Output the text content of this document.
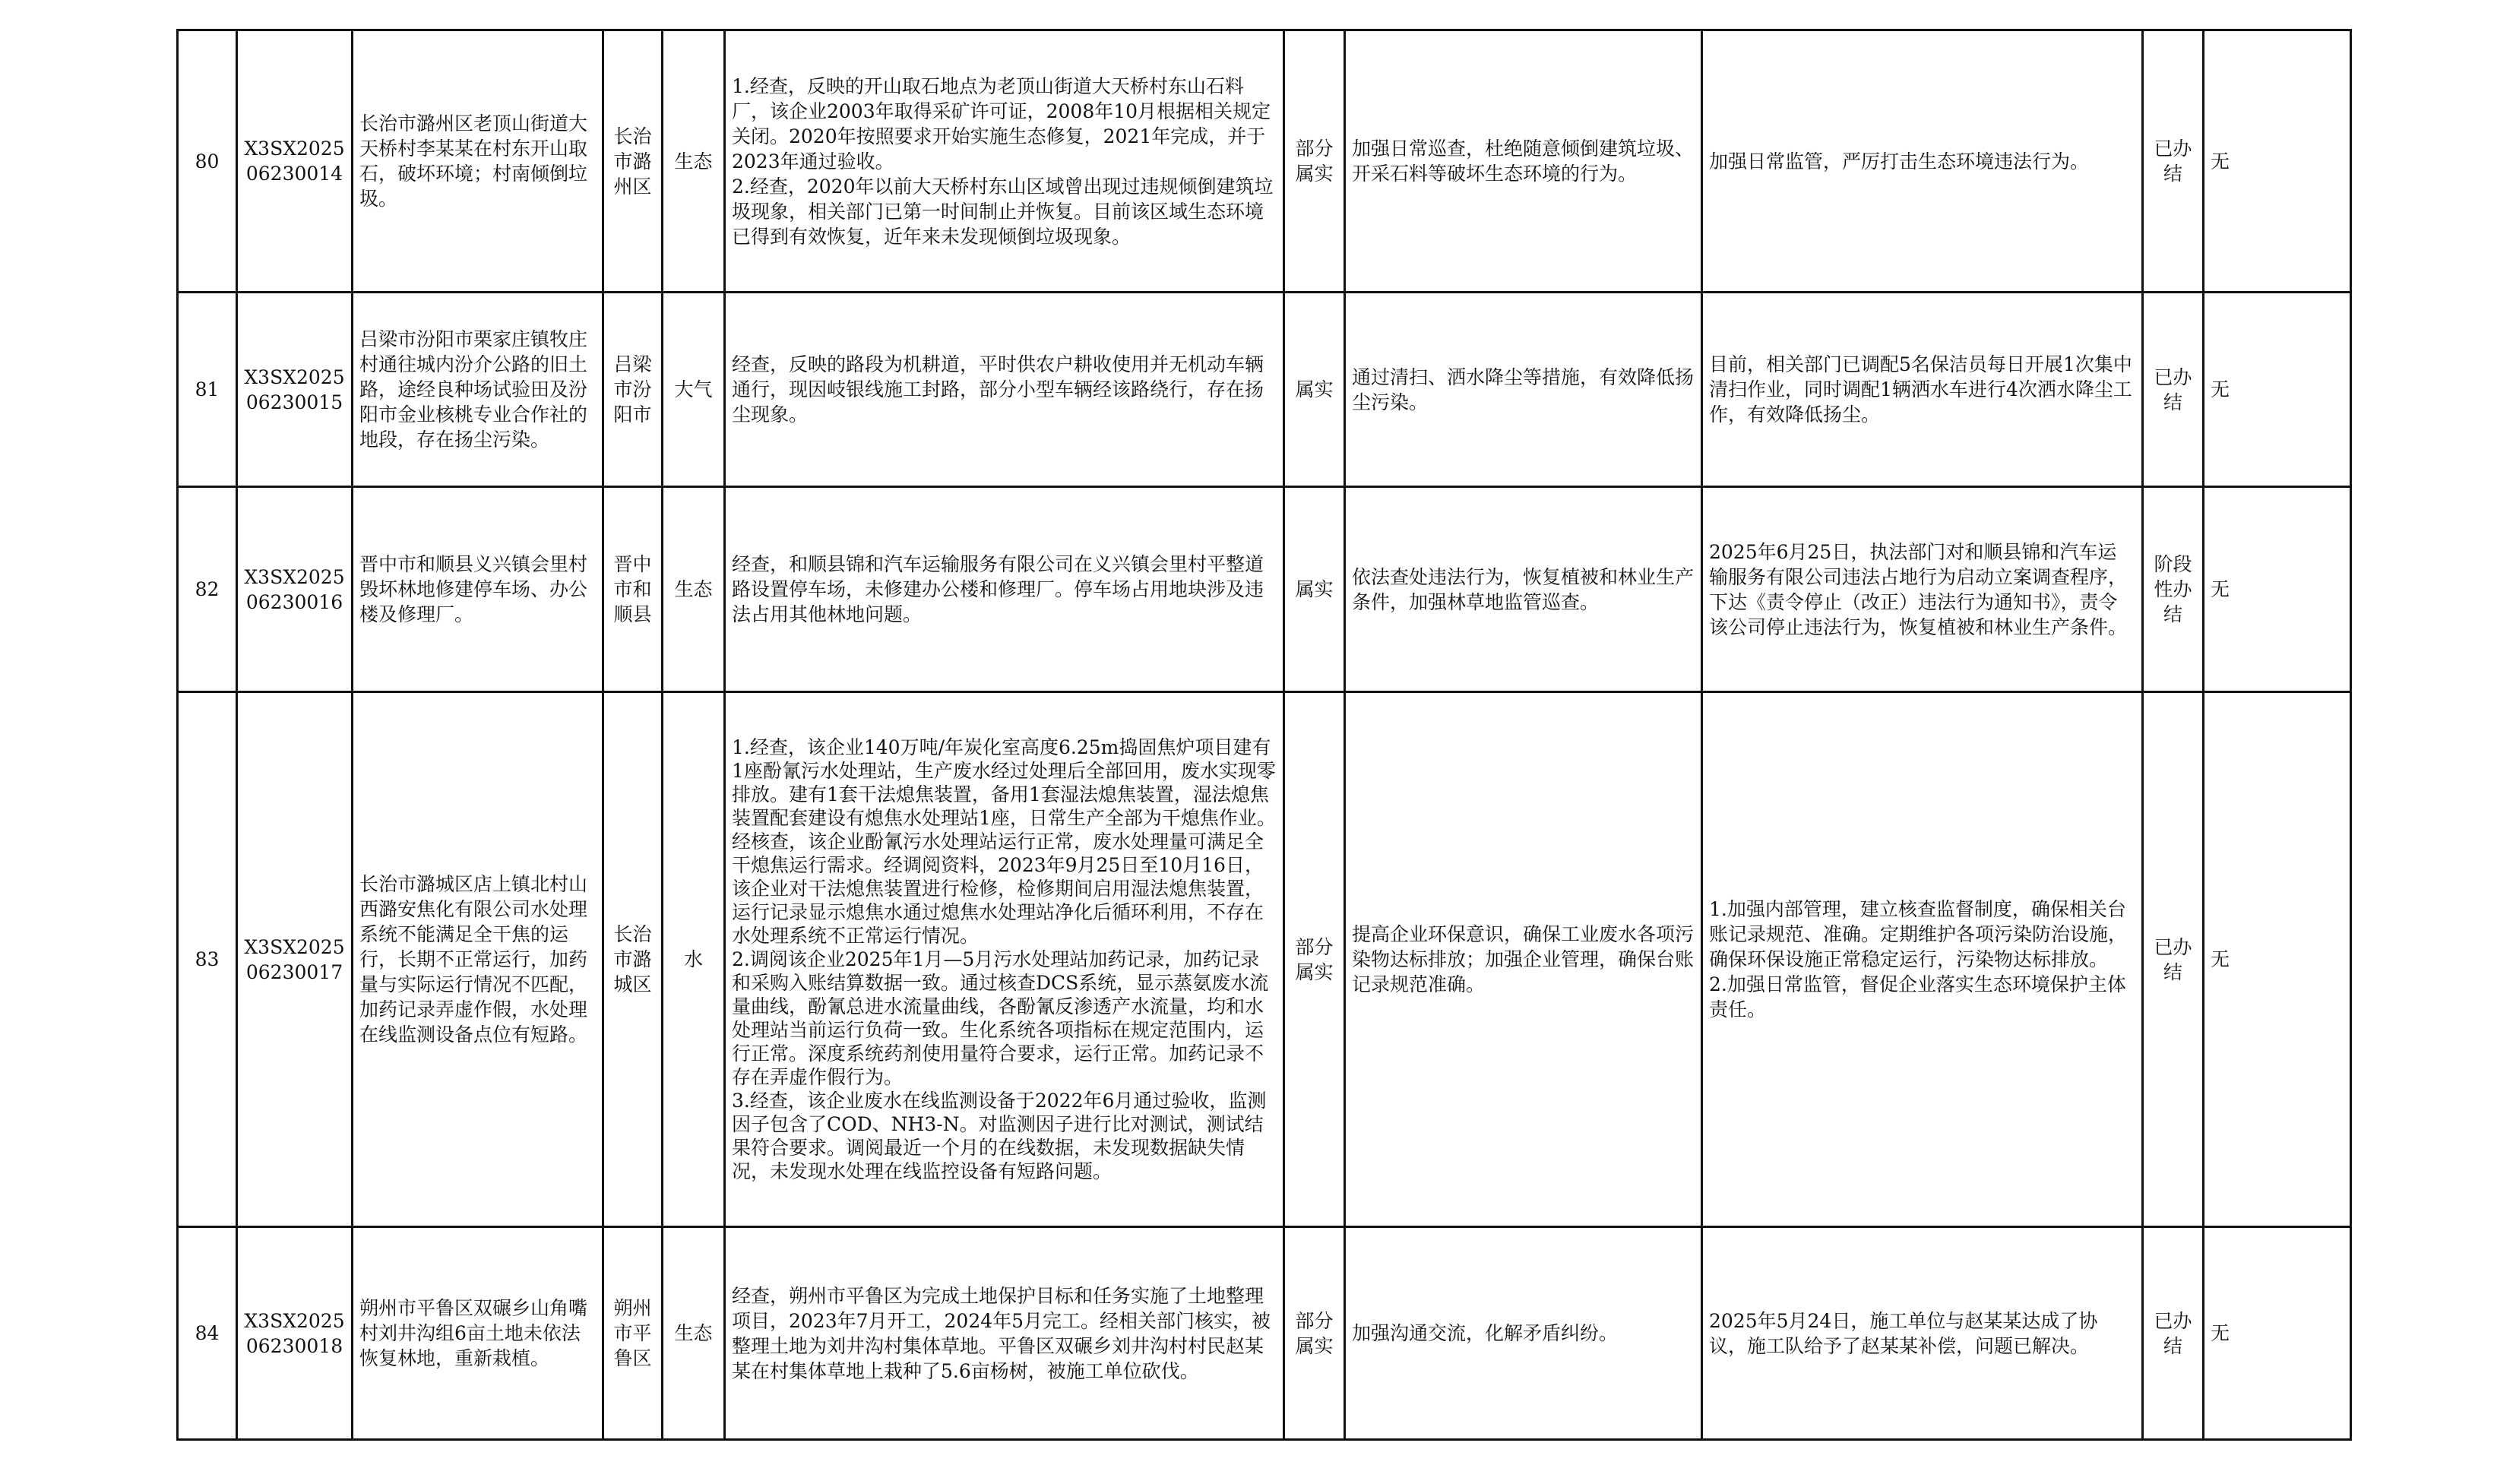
80	X3SX202506230014	长治市潞州区老顶山街道大天桥村李某某在村东开山取石，破坏环境；村南倾倒垃圾。	长治市潞州区	生态	1.经查，反映的开山取石地点为老顶山街道大天桥村东山石料厂，该企业2003年取得采矿许可证，2008年10月根据相关规定关闭。2020年按照要求开始实施生态修复，2021年完成，并于2023年通过验收。
2.经查，2020年以前大天桥村东山区域曾出现过违规倾倒建筑垃圾现象，相关部门已第一时间制止并恢复。目前该区域生态环境已得到有效恢复，近年来未发现倾倒垃圾现象。	部分属实	加强日常巡查，杜绝随意倾倒建筑垃圾、开采石料等破坏生态环境的行为。	加强日常监管，严厉打击生态环境违法行为。	已办结	无
81	X3SX202506230015	吕梁市汾阳市栗家庄镇牧庄村通往城内汾介公路的旧土路，途经良种场试验田及汾阳市金业核桃专业合作社的地段，存在扬尘污染。	吕梁市汾阳市	大气	经查，反映的路段为机耕道，平时供农户耕收使用并无机动车辆通行，现因岐银线施工封路，部分小型车辆经该路绕行，存在扬尘现象。	属实	通过清扫、洒水降尘等措施，有效降低扬尘污染。	目前，相关部门已调配5名保洁员每日开展1次集中清扫作业，同时调配1辆洒水车进行4次洒水降尘工作，有效降低扬尘。	已办结	无
82	X3SX202506230016	晋中市和顺县义兴镇会里村毁坏林地修建停车场、办公楼及修理厂。	晋中市和顺县	生态	经查，和顺县锦和汽车运输服务有限公司在义兴镇会里村平整道路设置停车场，未修建办公楼和修理厂。停车场占用地块涉及违法占用其他林地问题。	属实	依法查处违法行为，恢复植被和林业生产条件，加强林草地监管巡查。	2025年6月25日，执法部门对和顺县锦和汽车运输服务有限公司违法占地行为启动立案调查程序，下达《责令停止（改正）违法行为通知书》，责令该公司停止违法行为，恢复植被和林业生产条件。	阶段性办结	无
83	X3SX202506230017	长治市潞城区店上镇北村山西潞安焦化有限公司水处理系统不能满足全干焦的运行，长期不正常运行，加药量与实际运行情况不匹配，加药记录弄虚作假，水处理在线监测设备点位有短路。	长治市潞城区	水	1.经查，该企业140万吨/年炭化室高度6.25m捣固焦炉项目建有1座酚氰污水处理站，生产废水经过处理后全部回用，废水实现零排放。建有1套干法熄焦装置，备用1套湿法熄焦装置，湿法熄焦装置配套建设有熄焦水处理站1座，日常生产全部为干熄焦作业。经核查，该企业酚氰污水处理站运行正常，废水处理量可满足全干熄焦运行需求。经调阅资料，2023年9月25日至10月16日，该企业对干法熄焦装置进行检修，检修期间启用湿法熄焦装置，运行记录显示熄焦水通过熄焦水处理站净化后循环利用，不存在水处理系统不正常运行情况。
2.调阅该企业2025年1月—5月污水处理站加药记录，加药记录和采购入账结算数据一致。通过核查DCS系统，显示蒸氨废水流量曲线，酚氰总进水流量曲线，各酚氰反渗透产水流量，均和水处理站当前运行负荷一致。生化系统各项指标在规定范围内，运行正常。深度系统药剂使用量符合要求，运行正常。加药记录不存在弄虚作假行为。
3.经查，该企业废水在线监测设备于2022年6月通过验收，监测因子包含了COD、NH3-N。对监测因子进行比对测试，测试结果符合要求。调阅最近一个月的在线数据，未发现数据缺失情况，未发现水处理在线监控设备有短路问题。	部分属实	提高企业环保意识，确保工业废水各项污染物达标排放；加强企业管理，确保台账记录规范准确。	1.加强内部管理，建立核查监督制度，确保相关台账记录规范、准确。定期维护各项污染防治设施，确保环保设施正常稳定运行，污染物达标排放。
2.加强日常监管，督促企业落实生态环境保护主体责任。	已办结	无
84	X3SX202506230018	朔州市平鲁区双碾乡山角嘴村刘井沟组6亩土地未依法恢复林地，重新栽植。	朔州市平鲁区	生态	经查，朔州市平鲁区为完成土地保护目标和任务实施了土地整理项目，2023年7月开工，2024年5月完工。经相关部门核实，被整理土地为刘井沟村集体草地。平鲁区双碾乡刘井沟村村民赵某某在村集体草地上栽种了5.6亩杨树，被施工单位砍伐。	部分属实	加强沟通交流，化解矛盾纠纷。	2025年5月24日，施工单位与赵某某达成了协议，施工队给予了赵某某补偿，问题已解决。	已办结	无
